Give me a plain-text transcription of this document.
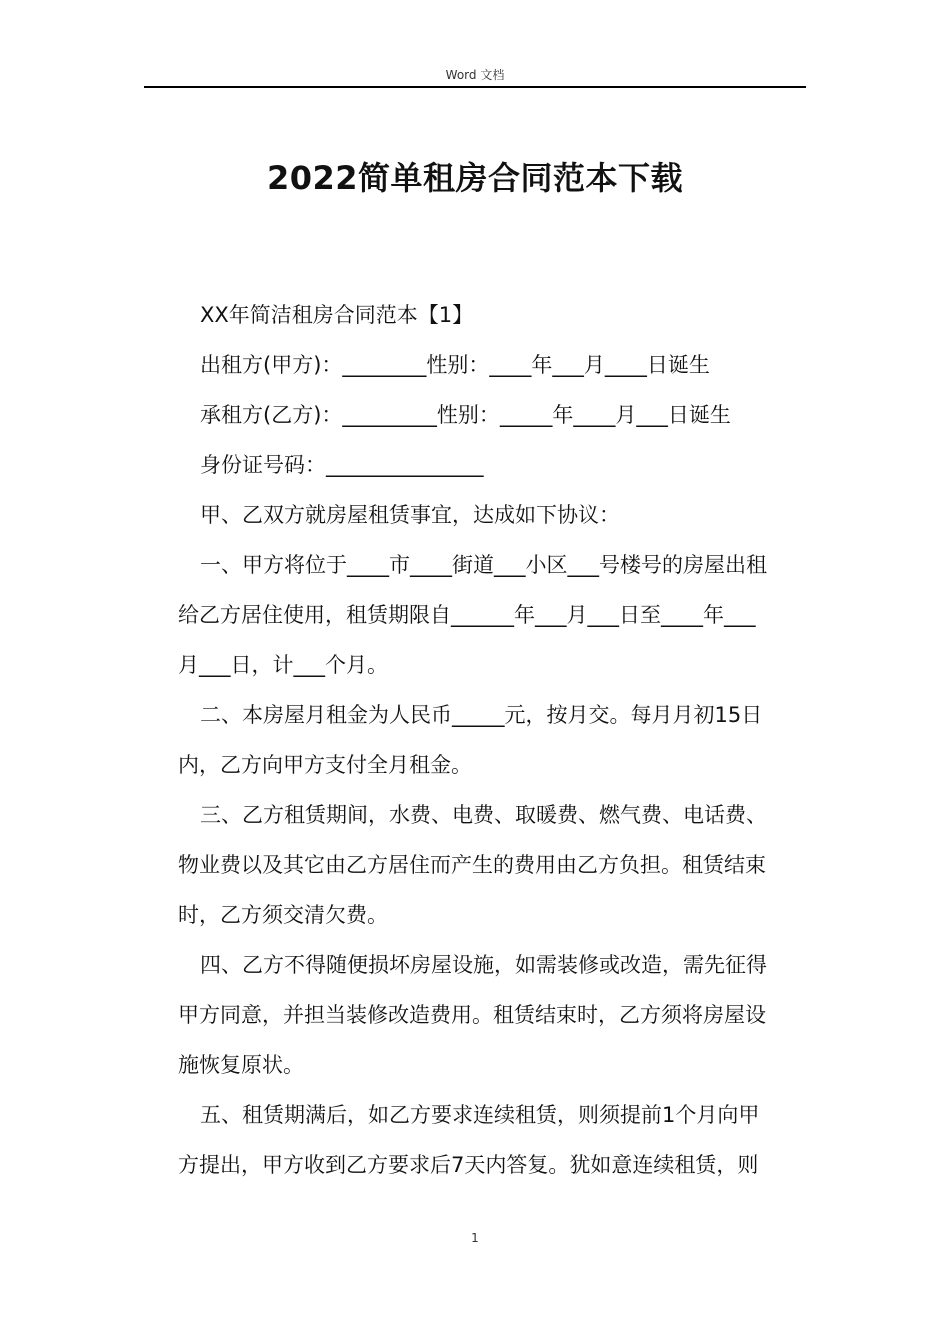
Word 文档
2022简单租房合同范本下载
XX年简洁租房合同范本【1】
出租方(甲方)：________性别：____年___月____日诞生
承租方(乙方)：_________性别：_____年____月___日诞生
身份证号码：_______________
甲、乙双方就房屋租赁事宜，达成如下协议：
一、甲方将位于____市____街道___小区___号楼号的房屋出租
给乙方居住使用，租赁期限自______年___月___日至____年___
月___日，计___个月。
二、本房屋月租金为人民币_____元，按月交。每月月初15日
内，乙方向甲方支付全月租金。
三、乙方租赁期间，水费、电费、取暖费、燃气费、电话费、
物业费以及其它由乙方居住而产生的费用由乙方负担。租赁结束
时，乙方须交清欠费。
四、乙方不得随便损坏房屋设施，如需装修或改造，需先征得
甲方同意，并担当装修改造费用。租赁结束时，乙方须将房屋设
施恢复原状。
五、租赁期满后，如乙方要求连续租赁，则须提前1个月向甲
方提出，甲方收到乙方要求后7天内答复。犹如意连续租赁，则
1
